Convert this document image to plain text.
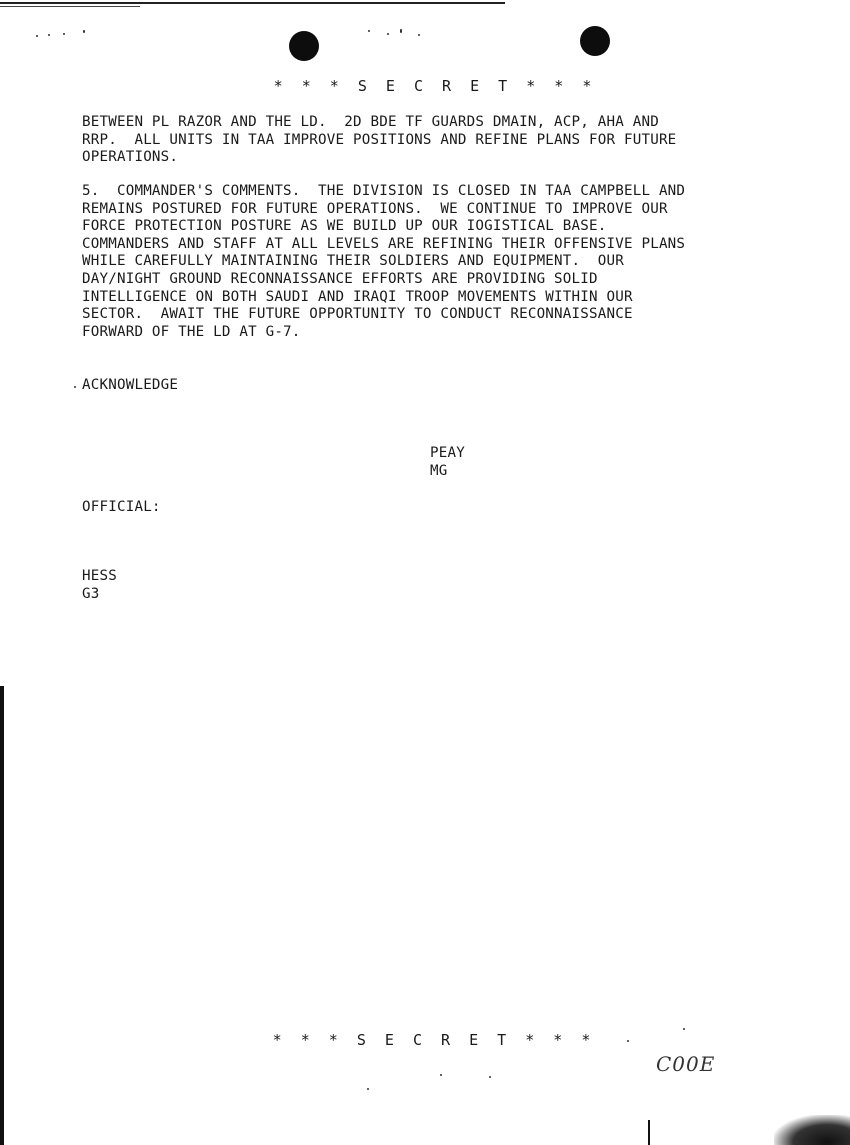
* * * S E C R E T * * *
BETWEEN PL RAZOR AND THE LD.  2D BDE TF GUARDS DMAIN, ACP, AHA AND
RRP.  ALL UNITS IN TAA IMPROVE POSITIONS AND REFINE PLANS FOR FUTURE
OPERATIONS.
5.  COMMANDER'S COMMENTS.  THE DIVISION IS CLOSED IN TAA CAMPBELL AND
REMAINS POSTURED FOR FUTURE OPERATIONS.  WE CONTINUE TO IMPROVE OUR
FORCE PROTECTION POSTURE AS WE BUILD UP OUR IOGISTICAL BASE.
COMMANDERS AND STAFF AT ALL LEVELS ARE REFINING THEIR OFFENSIVE PLANS
WHILE CAREFULLY MAINTAINING THEIR SOLDIERS AND EQUIPMENT.  OUR
DAY/NIGHT GROUND RECONNAISSANCE EFFORTS ARE PROVIDING SOLID
INTELLIGENCE ON BOTH SAUDI AND IRAQI TROOP MOVEMENTS WITHIN OUR
SECTOR.  AWAIT THE FUTURE OPPORTUNITY TO CONDUCT RECONNAISSANCE
FORWARD OF THE LD AT G-7.
ACKNOWLEDGE
PEAY
MG
OFFICIAL:
HESS
G3
* * * S E C R E T * * *
C00E
